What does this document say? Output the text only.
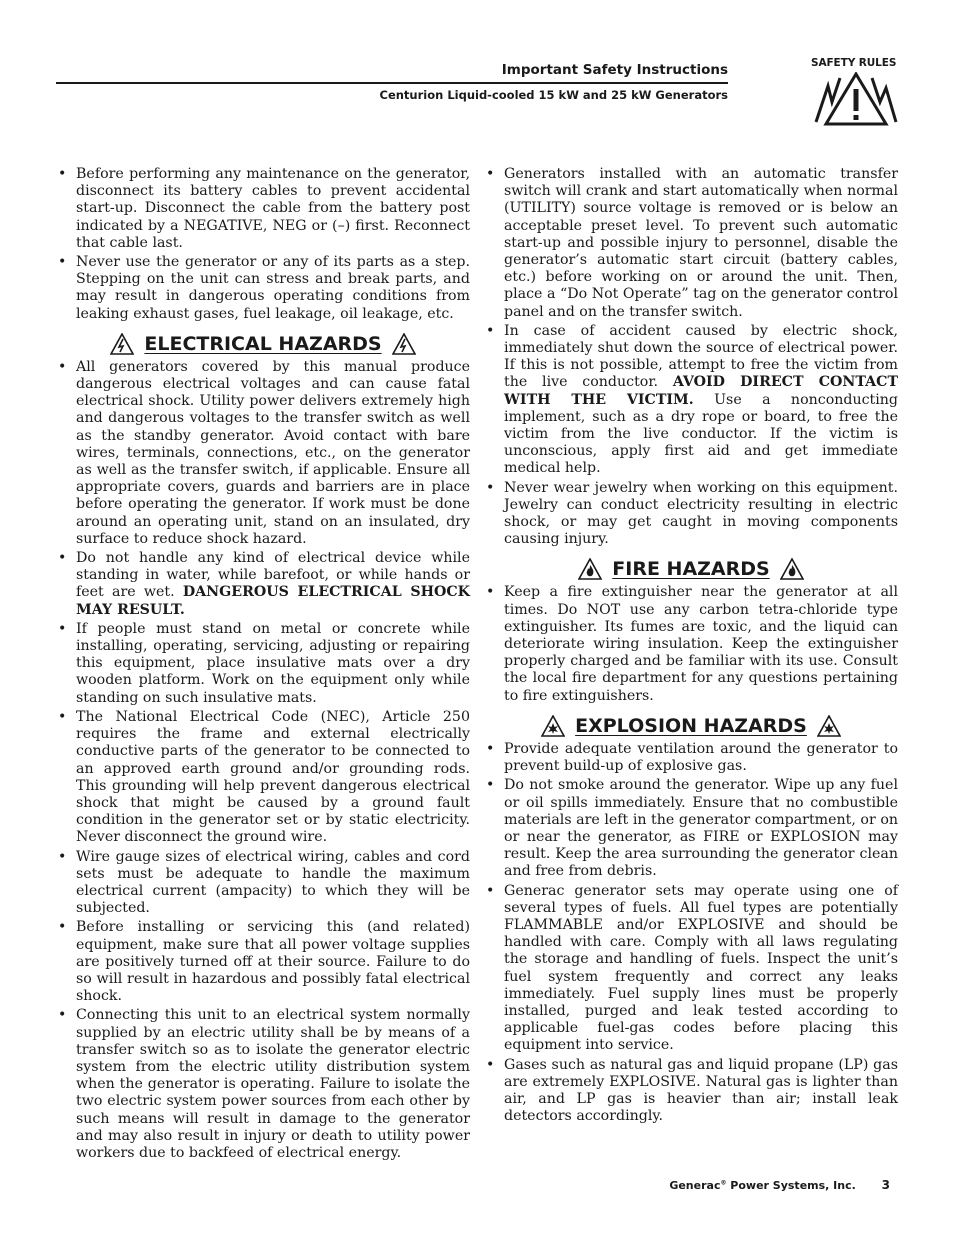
Important Safety Instructions
Centurion Liquid-cooled 15 kW and 25 kW Generators
SAFETY RULES
• Before performing any maintenance on the generator, disconnect its battery cables to prevent accidental start-up. Disconnect the cable from the battery post indicated by a NEGATIVE, NEG or (–) first. Reconnect that cable last.
• Never use the generator or any of its parts as a step. Stepping on the unit can stress and break parts, and may result in dangerous operating conditions from leaking exhaust gases, fuel leakage, oil leakage, etc.
ELECTRICAL HAZARDS
• All generators covered by this manual produce dangerous electrical voltages and can cause fatal electrical shock. Utility power delivers extremely high and dangerous voltages to the transfer switch as well as the standby generator. Avoid contact with bare wires, terminals, connections, etc., on the generator as well as the transfer switch, if applicable. Ensure all appropriate covers, guards and barriers are in place before operating the generator. If work must be done around an operating unit, stand on an insulated, dry surface to reduce shock hazard.
• Do not handle any kind of electrical device while standing in water, while barefoot, or while hands or feet are wet. DANGEROUS ELECTRICAL SHOCK MAY RESULT.
• If people must stand on metal or concrete while installing, operating, servicing, adjusting or repairing this equipment, place insulative mats over a dry wooden platform. Work on the equipment only while standing on such insulative mats.
• The National Electrical Code (NEC), Article 250 requires the frame and external electrically conductive parts of the generator to be connected to an approved earth ground and/or grounding rods. This grounding will help prevent dangerous electrical shock that might be caused by a ground fault condition in the generator set or by static electricity. Never disconnect the ground wire.
• Wire gauge sizes of electrical wiring, cables and cord sets must be adequate to handle the maximum electrical current (ampacity) to which they will be subjected.
• Before installing or servicing this (and related) equipment, make sure that all power voltage supplies are positively turned off at their source. Failure to do so will result in hazardous and possibly fatal electrical shock.
• Connecting this unit to an electrical system normally supplied by an electric utility shall be by means of a transfer switch so as to isolate the generator electric system from the electric utility distribution system when the generator is operating. Failure to isolate the two electric system power sources from each other by such means will result in damage to the generator and may also result in injury or death to utility power workers due to backfeed of electrical energy.
• Generators installed with an automatic transfer switch will crank and start automatically when normal (UTILITY) source voltage is removed or is below an acceptable preset level. To prevent such automatic start-up and possible injury to personnel, disable the generator’s automatic start circuit (battery cables, etc.) before working on or around the unit. Then, place a “Do Not Operate” tag on the generator control panel and on the transfer switch.
• In case of accident caused by electric shock, immediately shut down the source of electrical power. If this is not possible, attempt to free the victim from the live conductor. AVOID DIRECT CONTACT WITH THE VICTIM. Use a nonconducting implement, such as a dry rope or board, to free the victim from the live conductor. If the victim is unconscious, apply first aid and get immediate medical help.
• Never wear jewelry when working on this equipment. Jewelry can conduct electricity resulting in electric shock, or may get caught in moving components causing injury.
FIRE HAZARDS
• Keep a fire extinguisher near the generator at all times. Do NOT use any carbon tetra-chloride type extinguisher. Its fumes are toxic, and the liquid can deteriorate wiring insulation. Keep the extinguisher properly charged and be familiar with its use. Consult the local fire department for any questions pertaining to fire extinguishers.
EXPLOSION HAZARDS
• Provide adequate ventilation around the generator to prevent build-up of explosive gas.
• Do not smoke around the generator. Wipe up any fuel or oil spills immediately. Ensure that no combustible materials are left in the generator compartment, or on or near the generator, as FIRE or EXPLOSION may result. Keep the area surrounding the generator clean and free from debris.
• Generac generator sets may operate using one of several types of fuels. All fuel types are potentially FLAMMABLE and/or EXPLOSIVE and should be handled with care. Comply with all laws regulating the storage and handling of fuels. Inspect the unit’s fuel system frequently and correct any leaks immediately. Fuel supply lines must be properly installed, purged and leak tested according to applicable fuel-gas codes before placing this equipment into service.
• Gases such as natural gas and liquid propane (LP) gas are extremely EXPLOSIVE. Natural gas is lighter than air, and LP gas is heavier than air; install leak detectors accordingly.
Generac® Power Systems, Inc. 3
